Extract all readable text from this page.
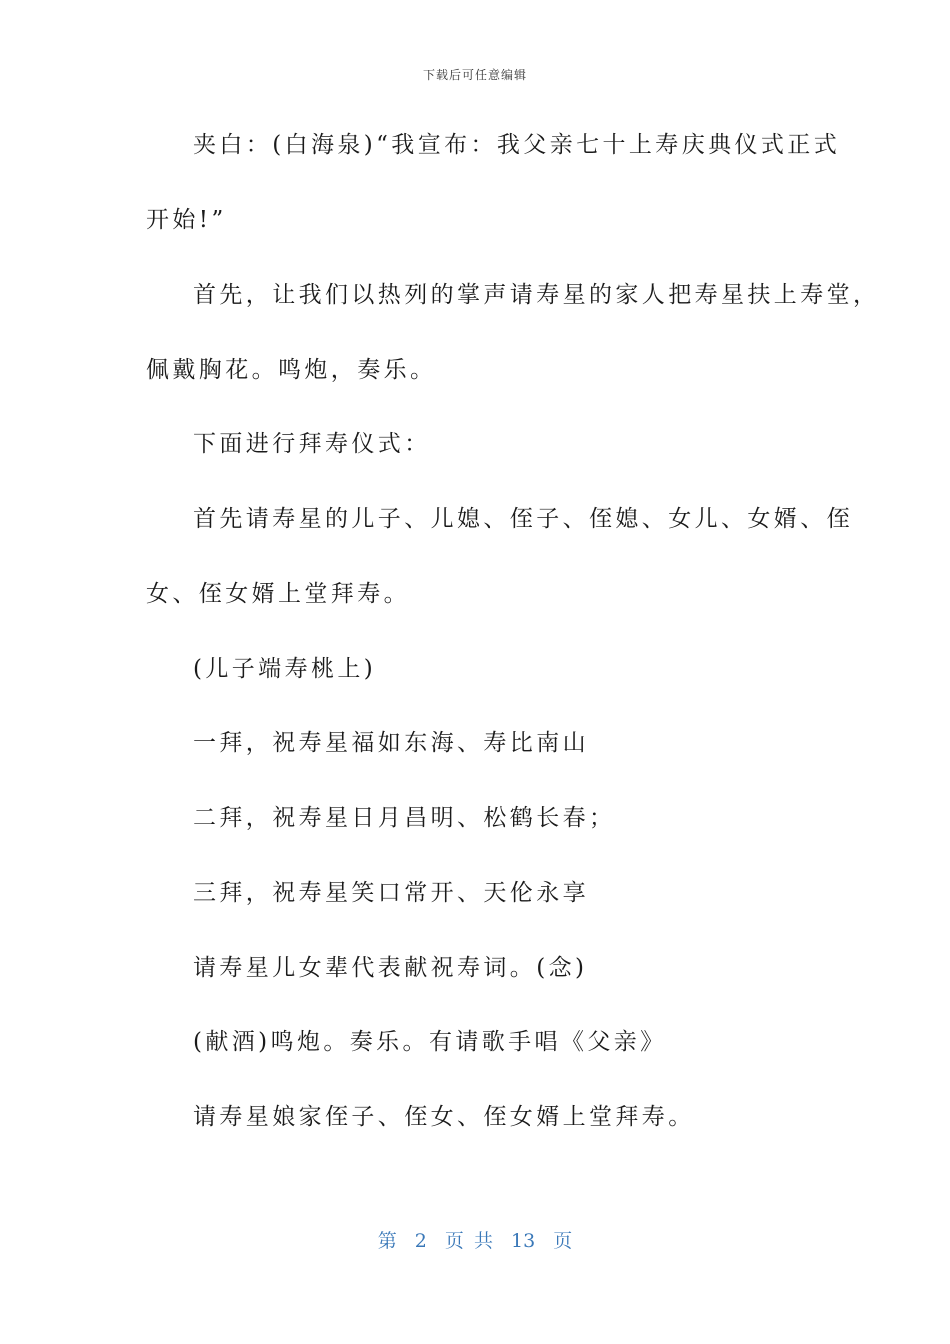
下载后可任意编辑
夹白：(白海泉)“我宣布：我父亲七十上寿庆典仪式正式
开始!”
首先，让我们以热列的掌声请寿星的家人把寿星扶上寿堂，
佩戴胸花。鸣炮，奏乐。
下面进行拜寿仪式：
首先请寿星的儿子、儿媳、侄子、侄媳、女儿、女婿、侄
女、侄女婿上堂拜寿。
(儿子端寿桃上)
一拜，祝寿星福如东海、寿比南山
二拜，祝寿星日月昌明、松鹤长春；
三拜，祝寿星笑口常开、天伦永享
请寿星儿女辈代表献祝寿词。(念)
(献酒)鸣炮。奏乐。有请歌手唱《父亲》
请寿星娘家侄子、侄女、侄女婿上堂拜寿。
第 2 页 共 13 页
